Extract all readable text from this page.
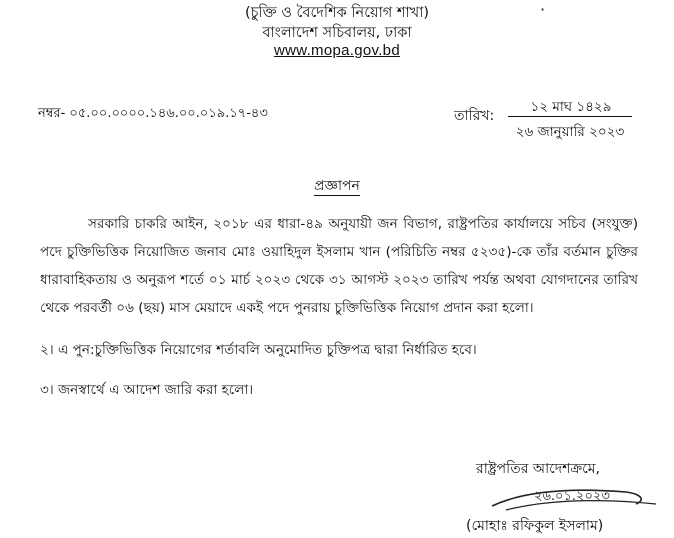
(চুক্তি ও বৈদেশিক নিয়োগ শাখা)	·
বাংলাদেশ সচিবালয়, ঢাকা
www.mopa.gov.bd
নম্বর- ০৫.০০.০০০০.১৪৬.০০.০১৯.১৭-৪৩	তারিখ:
১২ মাঘ ১৪২৯
২৬ জানুয়ারি ২০২৩
প্রজ্ঞাপন
সরকারি চাকরি আইন, ২০১৮ এর ধারা-৪৯ অনুযায়ী জন বিভাগ, রাষ্ট্রপতির কার্যালয়ে সচিব (সংযুক্ত) পদে চুক্তিভিত্তিক নিয়োজিত জনাব মোঃ ওয়াহিদুল ইসলাম খান (পরিচিতি নম্বর ৫২৩৫)-কে তাঁর বর্তমান চুক্তির ধারাবাহিকতায় ও অনুরূপ শর্তে ০১ মার্চ ২০২৩ থেকে ৩১ আগস্ট ২০২৩ তারিখ পর্যন্ত অথবা যোগদানের তারিখ থেকে পরবর্তী ০৬ (ছয়) মাস মেয়াদে একই পদে পুনরায় চুক্তিভিত্তিক নিয়োগ প্রদান করা হলো।
২। এ পুন:চুক্তিভিত্তিক নিয়োগের শর্তাবলি অনুমোদিত চুক্তিপত্র দ্বারা নির্ধারিত হবে।
৩। জনস্বার্থে এ আদেশ জারি করা হলো।
রাষ্ট্রপতির আদেশক্রমে,
২৬.০১.২০২৩
(মোহাঃ রফিকুল ইসলাম)
